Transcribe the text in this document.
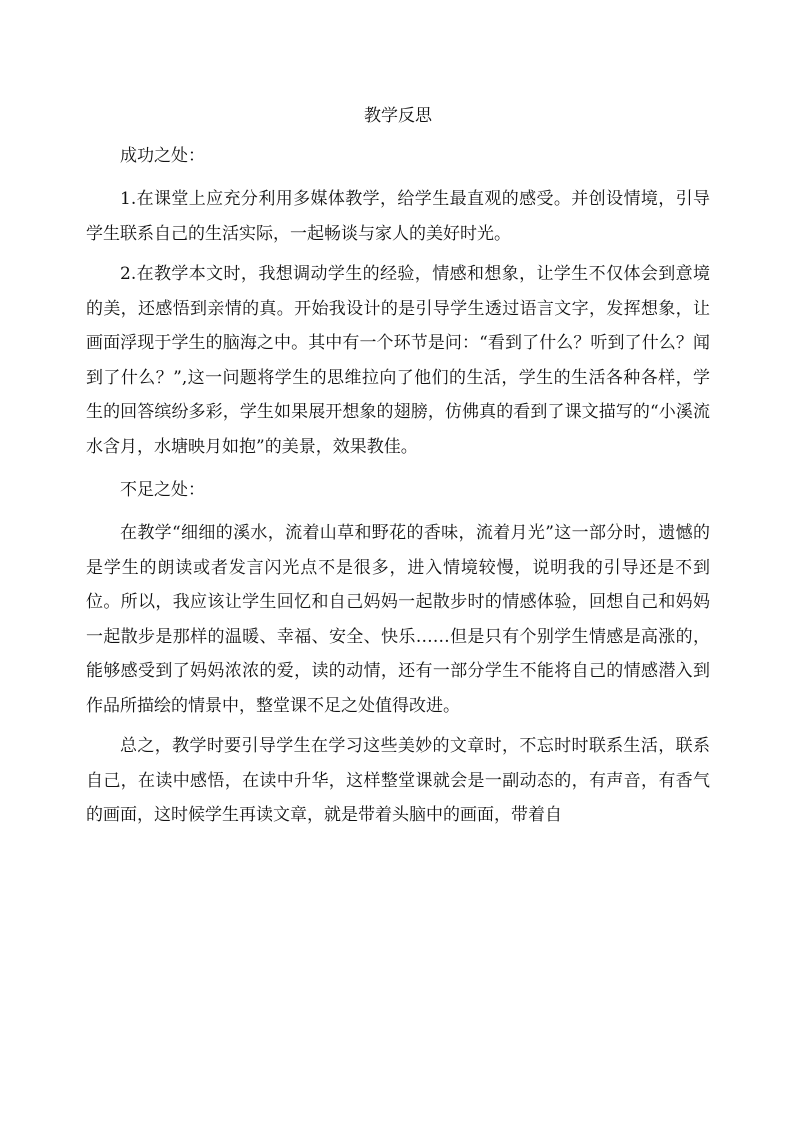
教学反思

成功之处：

1.在课堂上应充分利用多媒体教学，给学生最直观的感受。并创设情境，引导学生联系自己的生活实际，一起畅谈与家人的美好时光。

2.在教学本文时，我想调动学生的经验，情感和想象，让学生不仅体会到意境的美，还感悟到亲情的真。开始我设计的是引导学生透过语言文字，发挥想象，让画面浮现于学生的脑海之中。其中有一个环节是问：“看到了什么？听到了什么？闻到了什么？”,这一问题将学生的思维拉向了他们的生活，学生的生活各种各样，学生的回答缤纷多彩，学生如果展开想象的翅膀，仿佛真的看到了课文描写的“小溪流水含月，水塘映月如抱”的美景，效果教佳。

不足之处：

在教学“细细的溪水，流着山草和野花的香味，流着月光”这一部分时，遗憾的是学生的朗读或者发言闪光点不是很多，进入情境较慢，说明我的引导还是不到位。所以，我应该让学生回忆和自己妈妈一起散步时的情感体验，回想自己和妈妈一起散步是那样的温暖、幸福、安全、快乐……但是只有个别学生情感是高涨的，能够感受到了妈妈浓浓的爱，读的动情，还有一部分学生不能将自己的情感潜入到作品所描绘的情景中，整堂课不足之处值得改进。

总之，教学时要引导学生在学习这些美妙的文章时，不忘时时联系生活，联系自己，在读中感悟，在读中升华，这样整堂课就会是一副动态的，有声音，有香气的画面，这时候学生再读文章，就是带着头脑中的画面，带着自
